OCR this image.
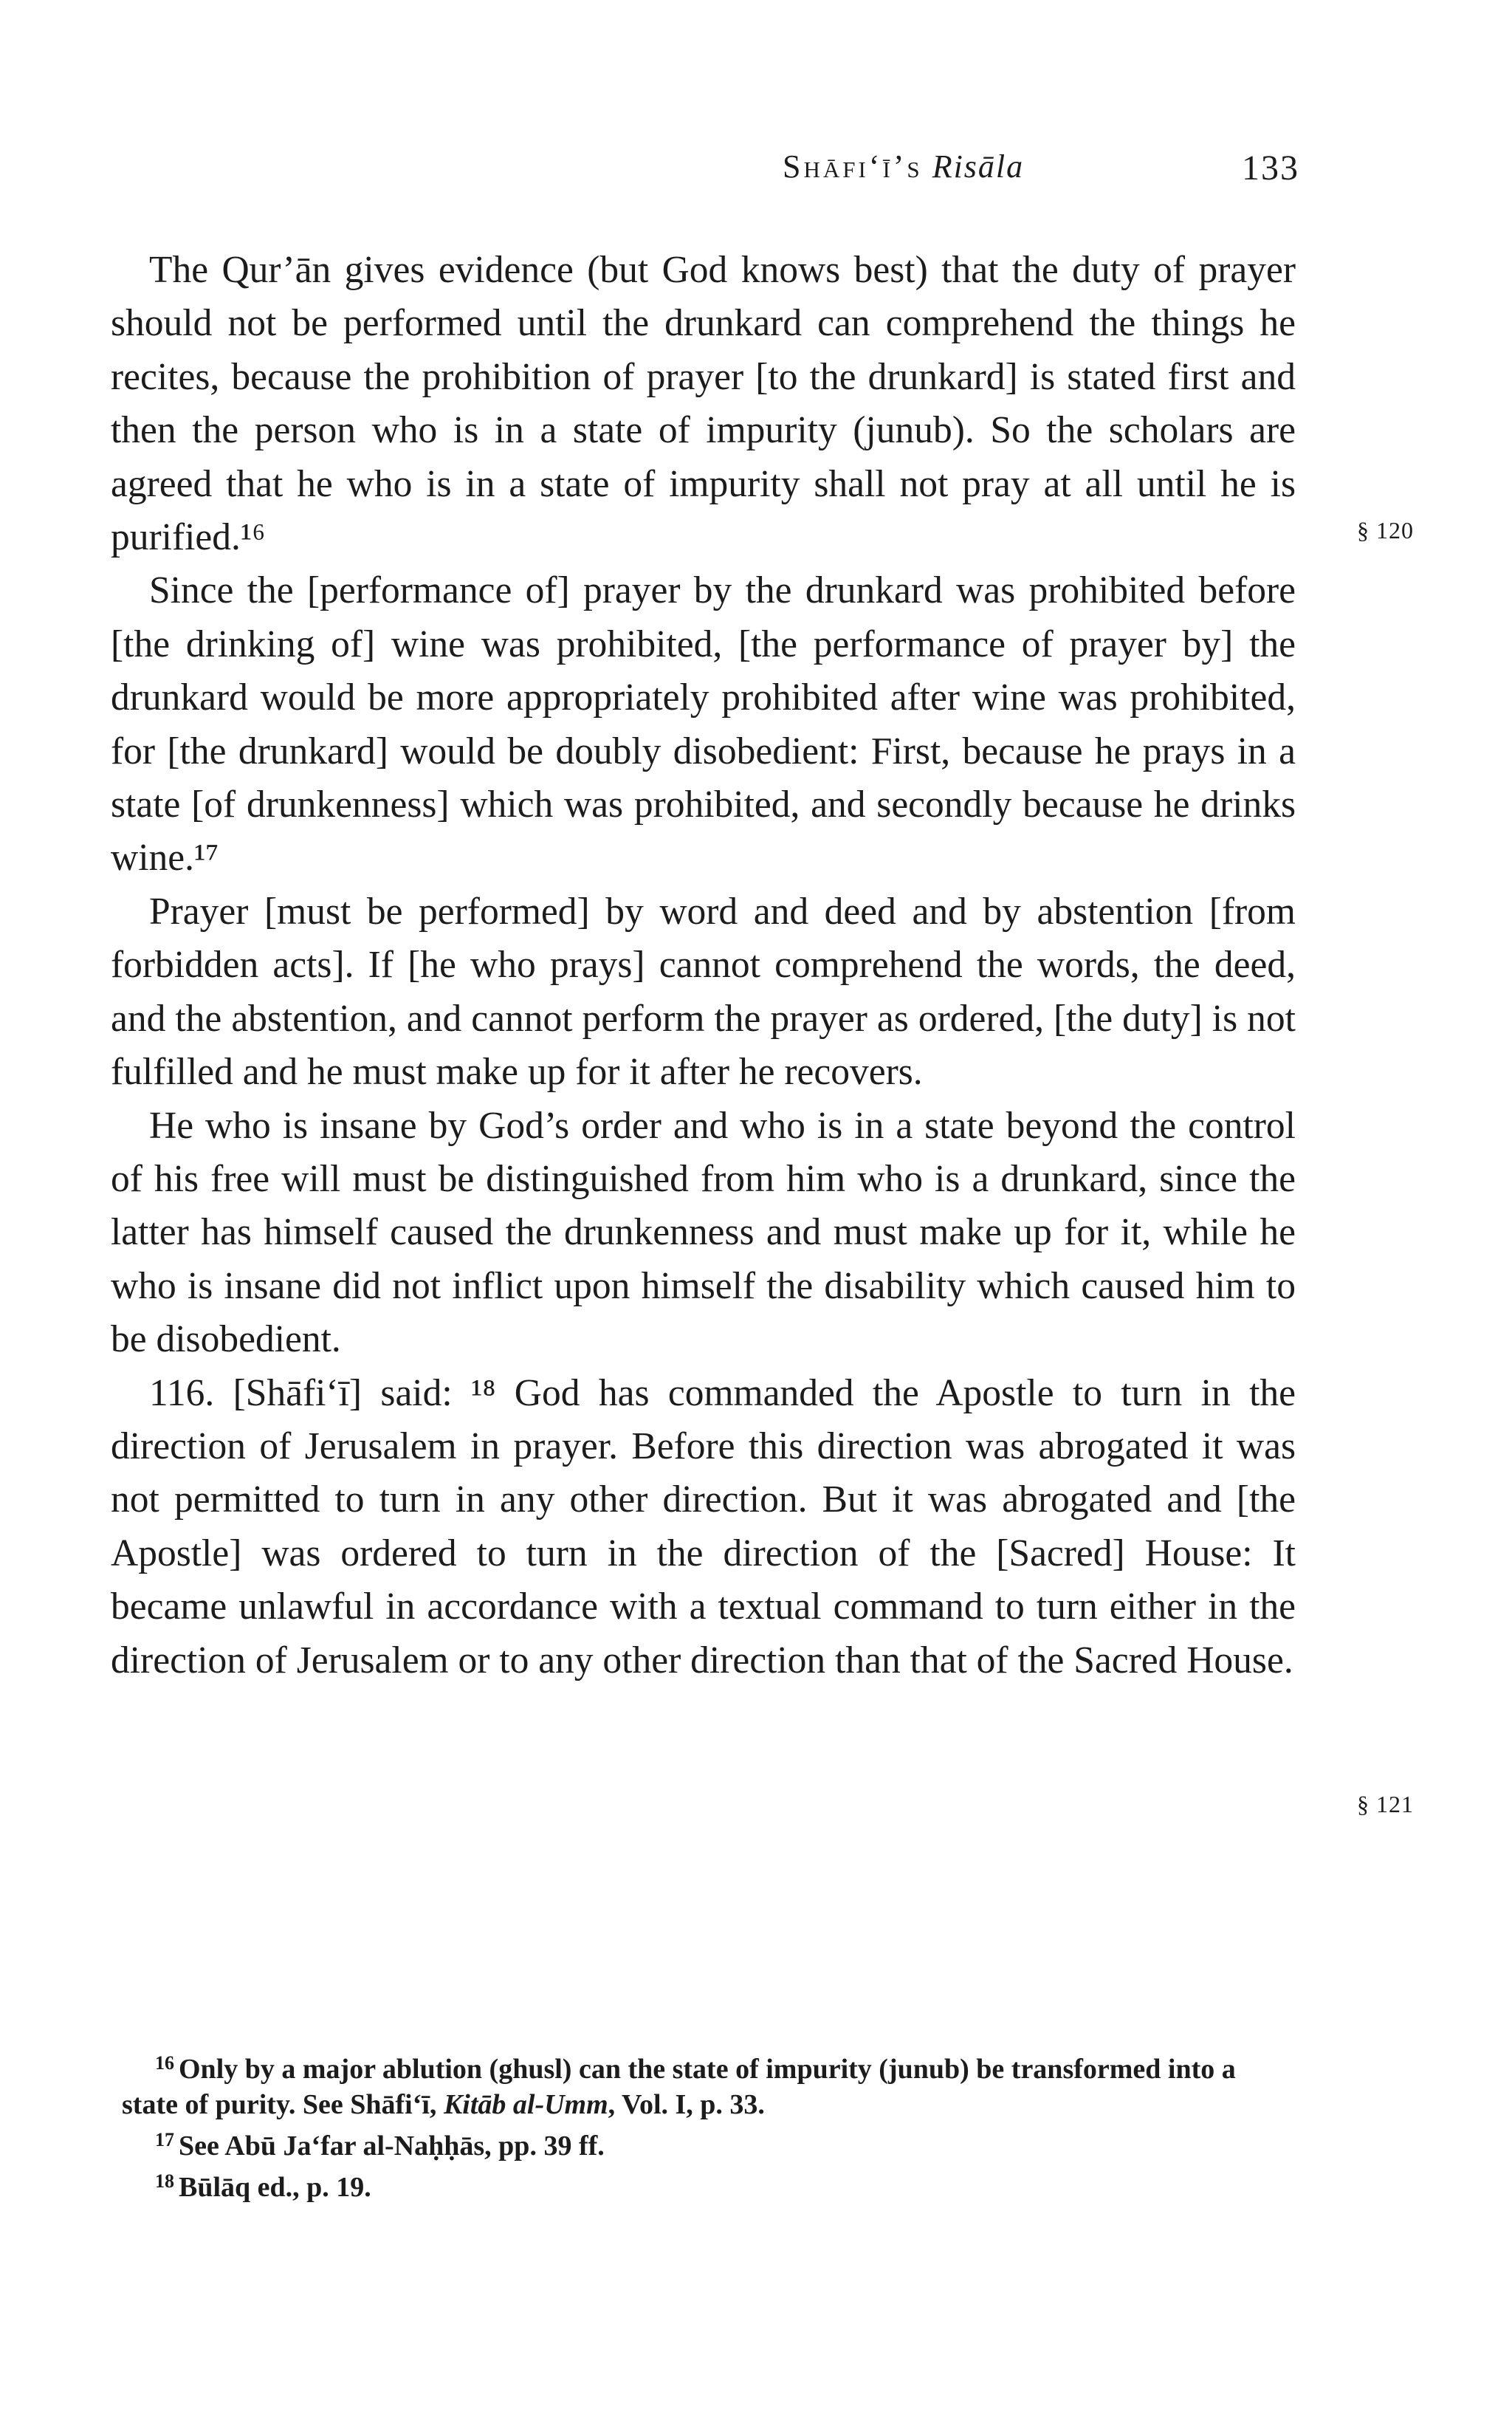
Shāfi‘ī’s Risāla	133

The Qur’ān gives evidence (but God knows best) that the duty of prayer should not be performed until the drunkard can comprehend the things he recites, because the prohibition of prayer [to the drunkard] is stated first and then the person who is in a state of impurity (junub). So the scholars are agreed that he who is in a state of impurity shall not pray at all until he is purified.¹⁶

Since the [performance of] prayer by the drunkard was prohibited before [the drinking of] wine was prohibited, [the performance of prayer by] the drunkard would be more appropriately prohibited after wine was prohibited, for [the drunkard] would be doubly disobedient: First, because he prays in a state [of drunkenness] which was prohibited, and secondly because he drinks wine.¹⁷

Prayer [must be performed] by word and deed and by abstention [from forbidden acts]. If [he who prays] cannot comprehend the words, the deed, and the abstention, and cannot perform the prayer as ordered, [the duty] is not fulfilled and he must make up for it after he recovers.

He who is insane by God’s order and who is in a state beyond the control of his free will must be distinguished from him who is a drunkard, since the latter has himself caused the drunkenness and must make up for it, while he who is insane did not inflict upon himself the disability which caused him to be disobedient.

116. [Shāfi‘ī] said: ¹⁸ God has commanded the Apostle to turn in the direction of Jerusalem in prayer. Before this direction was abrogated it was not permitted to turn in any other direction. But it was abrogated and [the Apostle] was ordered to turn in the direction of the [Sacred] House: It became unlawful in accordance with a textual command to turn either in the direction of Jerusalem or to any other direction than that of the Sacred House.

§ 120
§ 121

$^{16}$ Only by a major ablution (ghusl) can the state of impurity (junub) be transformed into a state of purity. See Shāfi‘ī, Kitāb al-Umm, Vol. I, p. 33.

$^{17}$ See Abū Ja‘far al-Naḥḥās, pp. 39 ff.

$^{18}$ Būlāq ed., p. 19.
